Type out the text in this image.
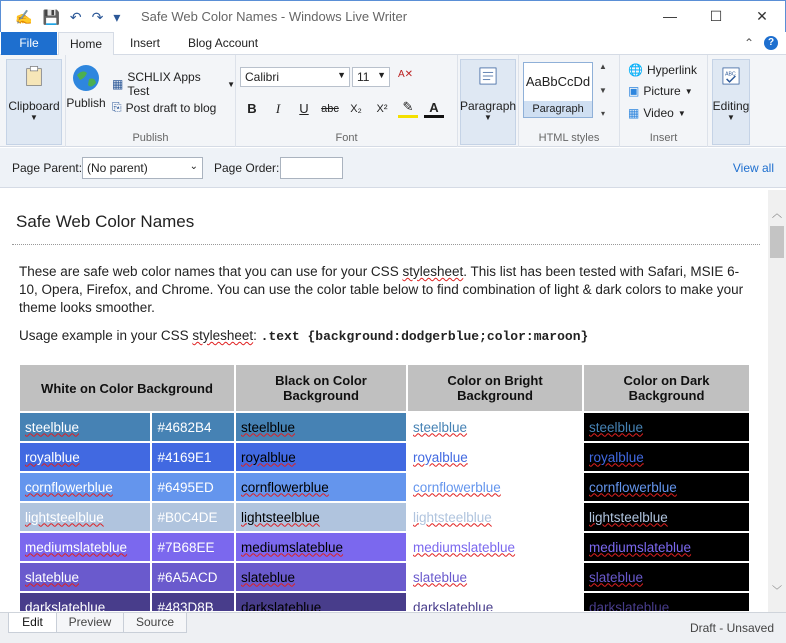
✍ 💾 ↶ ↷ ▾ Safe Web Color Names - Windows Live Writer	—	☐	✕
File	Home	Insert	Blog Account	⌃	?
Clipboard
▼
Publish
▦ SCHLIX Apps Test	▼
⎘ Post draft to blog
Publish
Calibri	▼ 11 ▼ A✕
B	I	U	abc	X₂	X²	✎	A
Font
Paragraph
▼
HTML styles
AaBbCcDd
Paragraph
▲
▼
▾
🌐 Hyperlink
▣ Picture ▼
▦ Video ▼
Insert
ABC
Editing
▼
Page Parent: (No parent)	⌄ Page Order:	View all
Safe Web Color Names
These are safe web color names that you can use for your CSS stylesheet. This list has been tested with Safari, MSIE 6-10, Opera, Firefox, and Chrome. You can use the color table below to find combination of light & dark colors to make your theme looks smoother.
Usage example in your CSS stylesheet: .text {background:dodgerblue;color:maroon}
White on Color Background		Black on Color Background	Color on Bright Background	Color on Dark Background
steelblue	#4682B4	steelblue	steelblue	steelblue
royalblue	#4169E1	royalblue	royalblue	royalblue
cornflowerblue	#6495ED	cornflowerblue	cornflowerblue	cornflowerblue
lightsteelblue	#B0C4DE	lightsteelblue	lightsteelblue	lightsteelblue
mediumslateblue	#7B68EE	mediumslateblue	mediumslateblue	mediumslateblue
slateblue	#6A5ACD	slateblue	slateblue	slateblue
darkslateblue	#483D8B	darkslateblue	darkslateblue	darkslateblue
︿
﹀
Edit	Preview	Source	Draft - Unsaved
